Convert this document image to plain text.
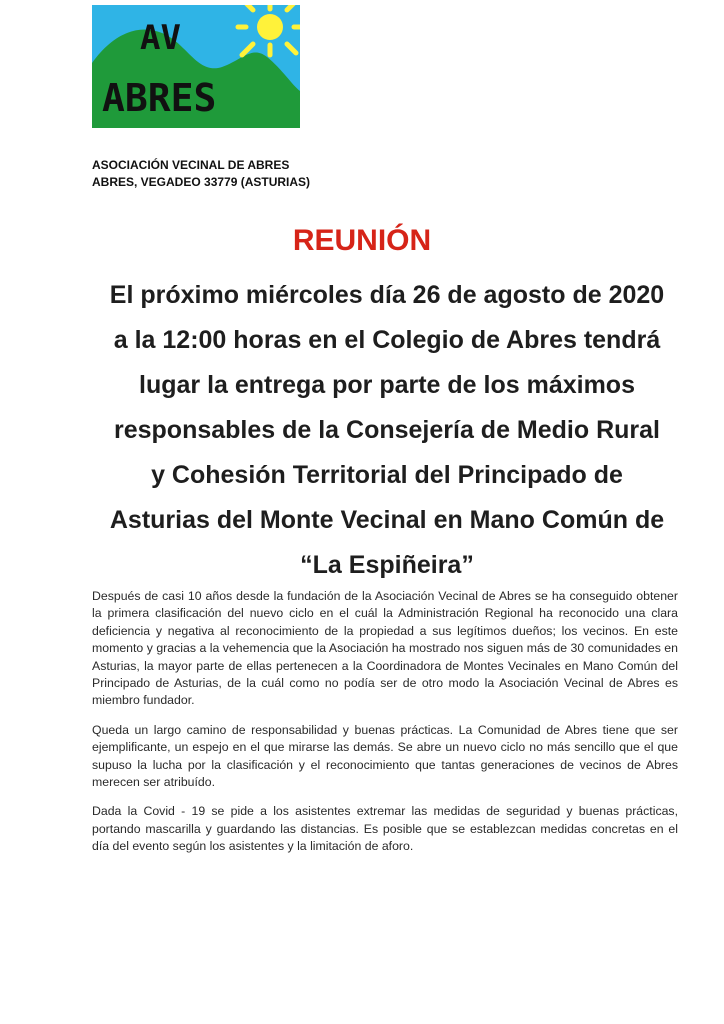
AV
ABRES
ASOCIACIÓN VECINAL DE ABRES
ABRES, VEGADEO 33779 (ASTURIAS)
REUNIÓN
El próximo miércoles día 26 de agosto de 2020
a la 12:00 horas en el Colegio de Abres tendrá
lugar la entrega por parte de los máximos
responsables de la Consejería de Medio Rural
y Cohesión Territorial del Principado de
Asturias del Monte Vecinal en Mano Común de
“La Espiñeira”

Después de casi 10 años desde la fundación de la Asociación Vecinal de Abres se ha conseguido obtener la primera clasificación del nuevo ciclo en el cuál la Administración Regional ha reconocido una clara deficiencia y negativa al reconocimiento de la propiedad a sus legítimos dueños; los vecinos. En este momento y gracias a la vehemencia que la Asociación ha mostrado nos siguen más de 30 comunidades en Asturias, la mayor parte de ellas pertenecen a la Coordinadora de Montes Vecinales en Mano Común del Principado de Asturias, de la cuál como no podía ser de otro modo la Asociación Vecinal de Abres es miembro fundador.

Queda un largo camino de responsabilidad y buenas prácticas. La Comunidad de Abres tiene que ser ejemplificante, un espejo en el que mirarse las demás. Se abre un nuevo ciclo no más sencillo que el que supuso la lucha por la clasificación y el reconocimiento que tantas generaciones de vecinos de Abres merecen ser atribuído.

Dada la Covid - 19 se pide a los asistentes extremar las medidas de seguridad y buenas prácticas, portando mascarilla y guardando las distancias. Es posible que se establezcan medidas concretas en el día del evento según los asistentes y la limitación de aforo.
